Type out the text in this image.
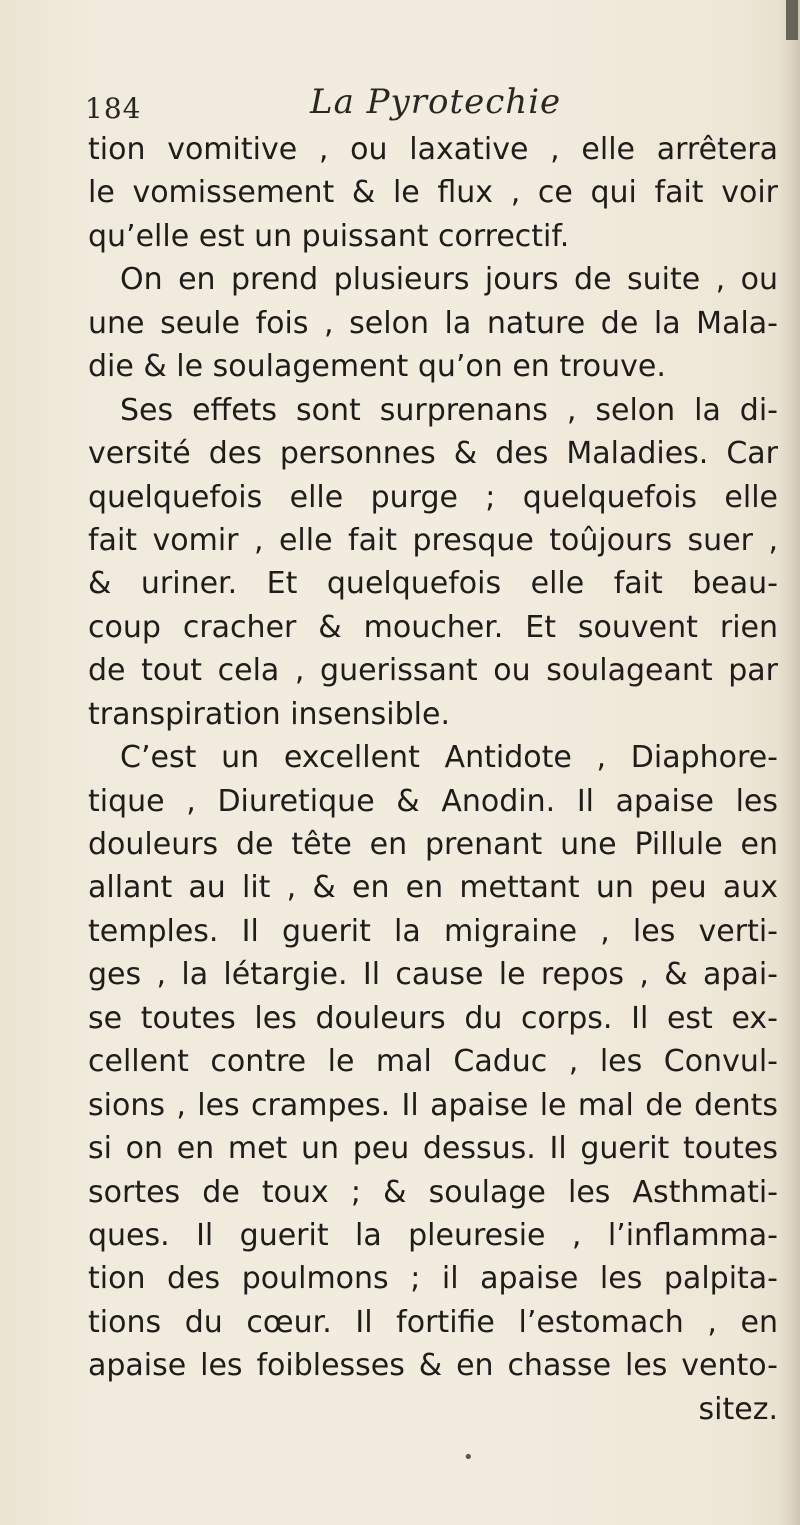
184	La Pyrotechie
tion vomitive , ou laxative , elle arrêtera
le vomissement & le flux , ce qui fait voir
qu’elle est un puissant correctif.
On en prend plusieurs jours de suite , ou
une seule fois , selon la nature de la Mala-
die & le soulagement qu’on en trouve.
Ses effets sont surprenans , selon la di-
versité des personnes & des Maladies. Car
quelquefois elle purge ; quelquefois elle
fait vomir , elle fait presque toûjours suer ,
& uriner. Et quelquefois elle fait beau-
coup cracher & moucher. Et souvent rien
de tout cela , guerissant ou soulageant par
transpiration insensible.
C’est un excellent Antidote , Diaphore-
tique , Diuretique & Anodin. Il apaise les
douleurs de tête en prenant une Pillule en
allant au lit , & en en mettant un peu aux
temples. Il guerit la migraine , les verti-
ges , la létargie. Il cause le repos , & apai-
se toutes les douleurs du corps. Il est ex-
cellent contre le mal Caduc , les Convul-
sions , les crampes. Il apaise le mal de dents
si on en met un peu dessus. Il guerit toutes
sortes de toux ; & soulage les Asthmati-
ques. Il guerit la pleuresie , l’inflamma-
tion des poulmons ; il apaise les palpita-
tions du cœur. Il fortifie l’estomach , en
apaise les foiblesses & en chasse les vento-
sitez.
•
